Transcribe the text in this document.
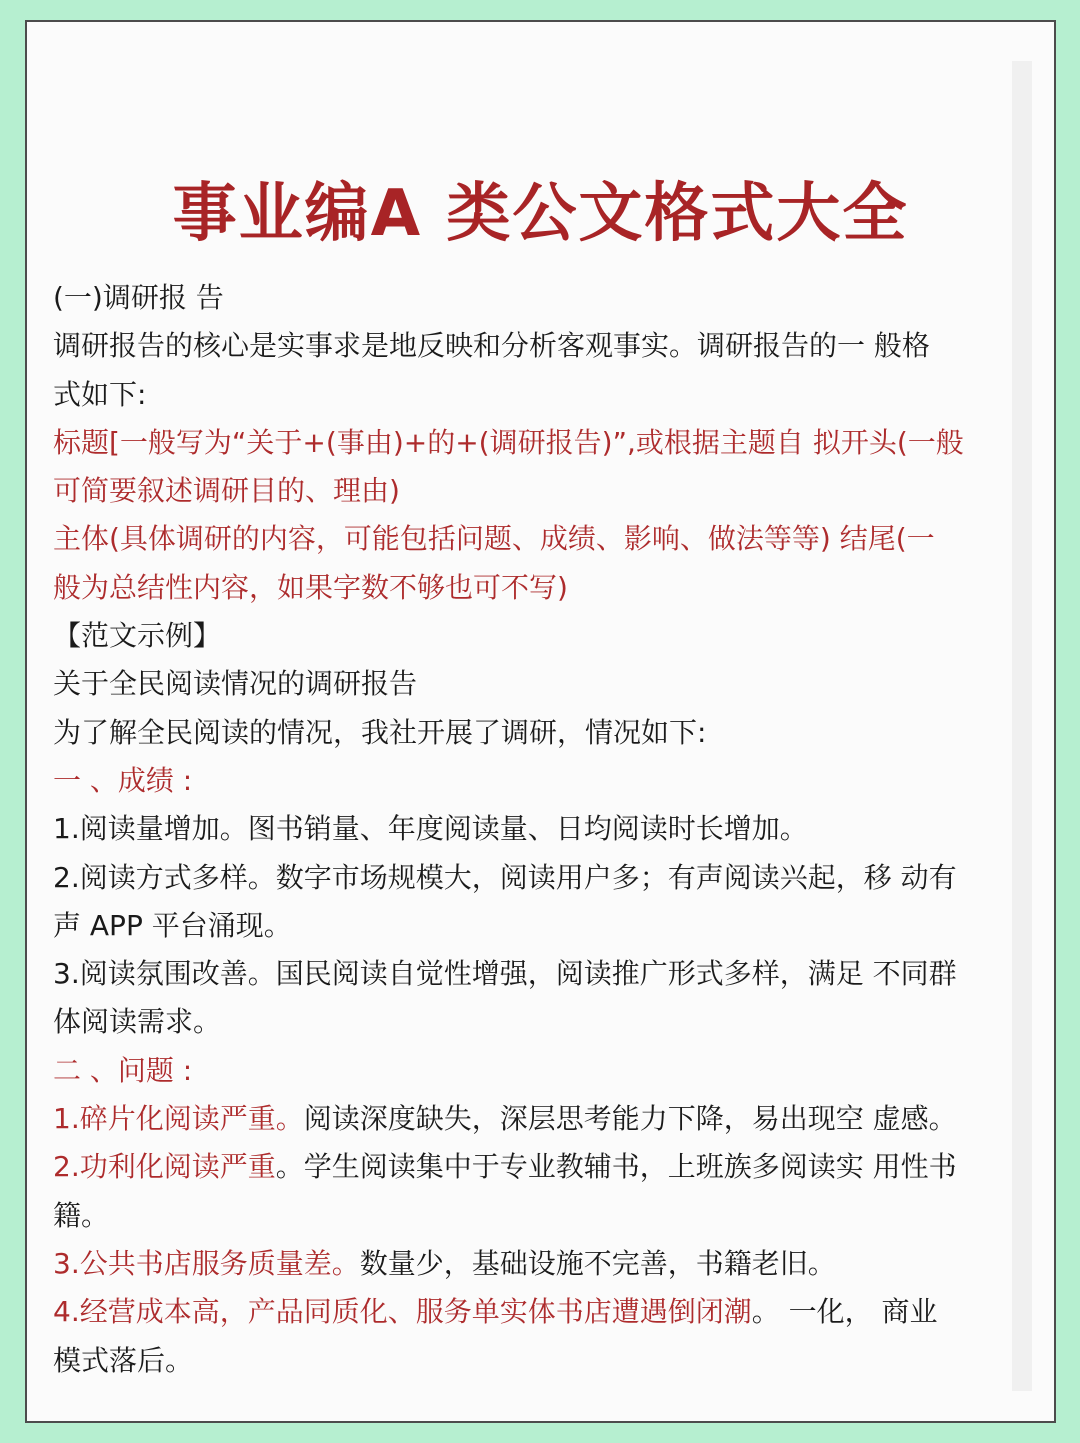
事业编A 类公文格式大全
(一)调研报 告
调研报告的核心是实事求是地反映和分析客观事实。调研报告的一 般格
式如下:
标题[一般写为“关于+(事由)+的+(调研报告)”,或根据主题自 拟开头(一般
可简要叙述调研目的、理由)
主体(具体调研的内容，可能包括问题、成绩、影响、做法等等) 结尾(一
般为总结性内容，如果字数不够也可不写)
【范文示例】
关于全民阅读情况的调研报告
为了解全民阅读的情况，我社开展了调研，情况如下:
一 、成绩 :
1.阅读量增加。图书销量、年度阅读量、日均阅读时长增加。
2.阅读方式多样。数字市场规模大，阅读用户多；有声阅读兴起，移 动有
声 APP 平台涌现。
3.阅读氛围改善。国民阅读自觉性增强，阅读推广形式多样，满足 不同群
体阅读需求。
二 、问题 :
1.碎片化阅读严重。阅读深度缺失，深层思考能力下降，易出现空 虚感。
2.功利化阅读严重。学生阅读集中于专业教辅书，上班族多阅读实 用性书
籍。
3.公共书店服务质量差。数量少，基础设施不完善，书籍老旧。
4.经营成本高，产品同质化、服务单实体书店遭遇倒闭潮。 一化， 商业
模式落后。
